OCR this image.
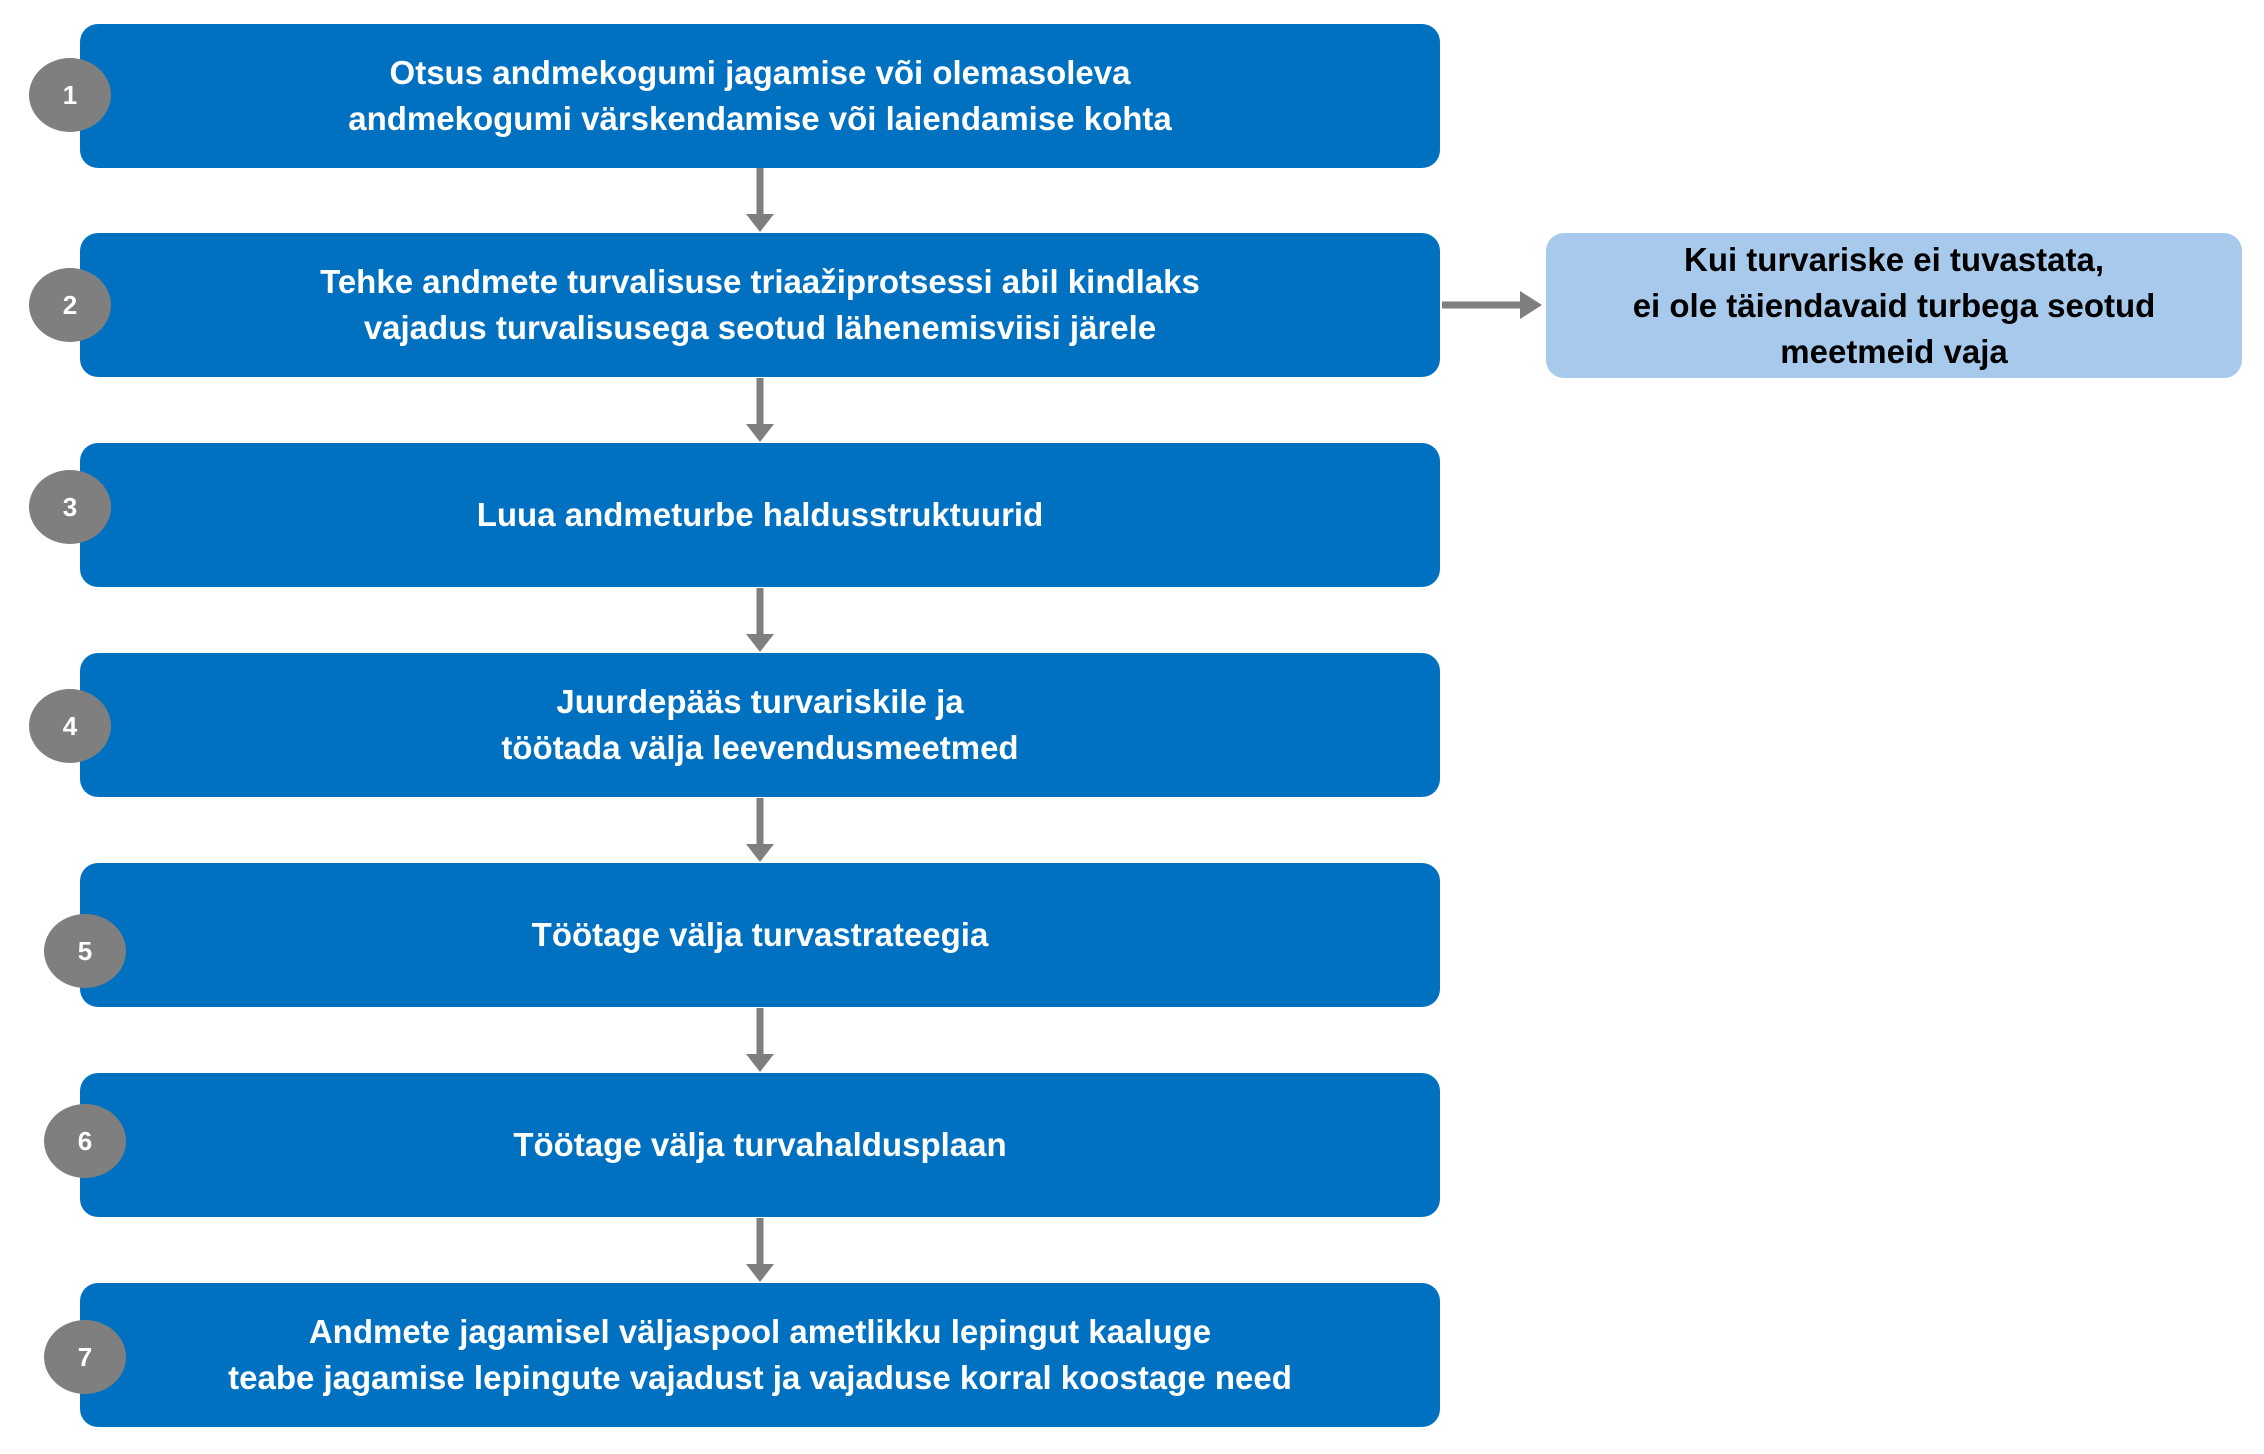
Otsus andmekogumi jagamise või olemasoleva
andmekogumi värskendamise või laiendamise kohta
1
Tehke andmete turvalisuse triaažiprotsessi abil kindlaks
vajadus turvalisusega seotud lähenemisviisi järele
2
Luua andmeturbe haldusstruktuurid
3
Juurdepääs turvariskile ja
töötada välja leevendusmeetmed
4
Töötage välja turvastrateegia
5
Töötage välja turvahaldusplaan
6
Andmete jagamisel väljaspool ametlikku lepingut kaaluge
teabe jagamise lepingute vajadust ja vajaduse korral koostage need
7
Kui turvariske ei tuvastata,
ei ole täiendavaid turbega seotud
meetmeid vaja
